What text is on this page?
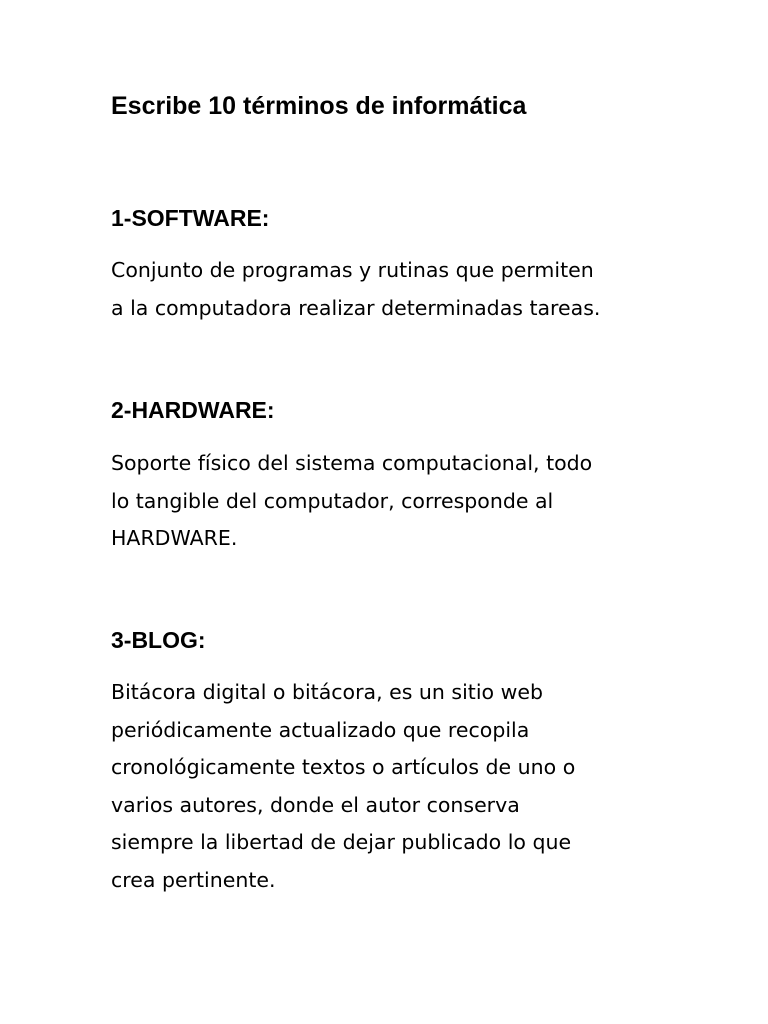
Escribe 10 términos de informática
1-SOFTWARE:

Conjunto de programas y rutinas que permiten
a la computadora realizar determinadas tareas.

2-HARDWARE:

Soporte físico del sistema computacional, todo
lo tangible del computador, corresponde al
HARDWARE.

3-BLOG:

Bitácora digital o bitácora, es un sitio web
periódicamente actualizado que recopila
cronológicamente textos o artículos de uno o
varios autores, donde el autor conserva
siempre la libertad de dejar publicado lo que
crea pertinente.
